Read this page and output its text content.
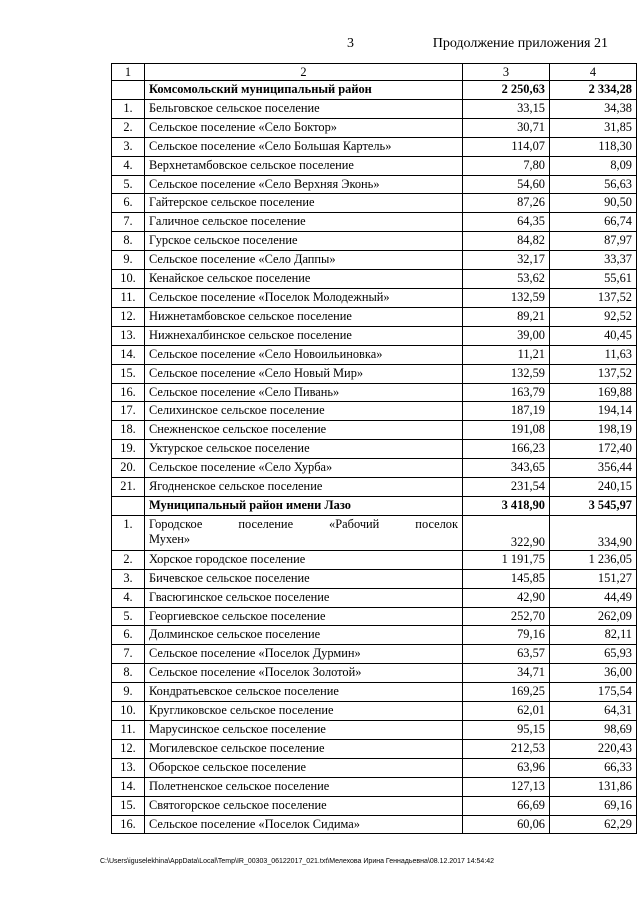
3	Продолжение приложения 21
1	2	3	4
	Комсомольский муниципальный район	2 250,63	2 334,28
1.	Бельговское сельское поселение	33,15	34,38
2.	Сельское поселение «Село Боктор»	30,71	31,85
3.	Сельское поселение «Село Большая Картель»	114,07	118,30
4.	Верхнетамбовское сельское поселение	7,80	8,09
5.	Сельское поселение «Село Верхняя Эконь»	54,60	56,63
6.	Гайтерское сельское поселение	87,26	90,50
7.	Галичное сельское поселение	64,35	66,74
8.	Гурское сельское поселение	84,82	87,97
9.	Сельское поселение «Село Даппы»	32,17	33,37
10.	Кенайское сельское поселение	53,62	55,61
11.	Сельское поселение «Поселок Молодежный»	132,59	137,52
12.	Нижнетамбовское сельское поселение	89,21	92,52
13.	Нижнехалбинское сельское поселение	39,00	40,45
14.	Сельское поселение «Село Новоильиновка»	11,21	11,63
15.	Сельское поселение «Село Новый Мир»	132,59	137,52
16.	Сельское поселение «Село Пивань»	163,79	169,88
17.	Селихинское сельское поселение	187,19	194,14
18.	Снежненское сельское поселение	191,08	198,19
19.	Уктурское сельское поселение	166,23	172,40
20.	Сельское поселение «Село Хурба»	343,65	356,44
21.	Ягодненское сельское поселение	231,54	240,15
	Муниципальный район имени Лазо	3 418,90	3 545,97
1.	Городское поселение «Рабочий поселок
Мухен»	322,90	334,90
2.	Хорское городское поселение	1 191,75	1 236,05
3.	Бичевское сельское поселение	145,85	151,27
4.	Гвасюгинское сельское поселение	42,90	44,49
5.	Георгиевское сельское поселение	252,70	262,09
6.	Долминское сельское поселение	79,16	82,11
7.	Сельское поселение «Поселок Дурмин»	63,57	65,93
8.	Сельское поселение «Поселок Золотой»	34,71	36,00
9.	Кондратьевское сельское поселение	169,25	175,54
10.	Кругликовское сельское поселение	62,01	64,31
11.	Марусинское сельское поселение	95,15	98,69
12.	Могилевское сельское поселение	212,53	220,43
13.	Оборское сельское поселение	63,96	66,33
14.	Полетненское сельское поселение	127,13	131,86
15.	Святогорское сельское поселение	66,69	69,16
16.	Сельское поселение «Поселок Сидима»	60,06	62,29
C:\Users\iguselekhina\AppData\Local\Temp\IR_00303_06122017_021.txt\Мелехова Ирина Геннадьевна\08.12.2017 14:54:42
